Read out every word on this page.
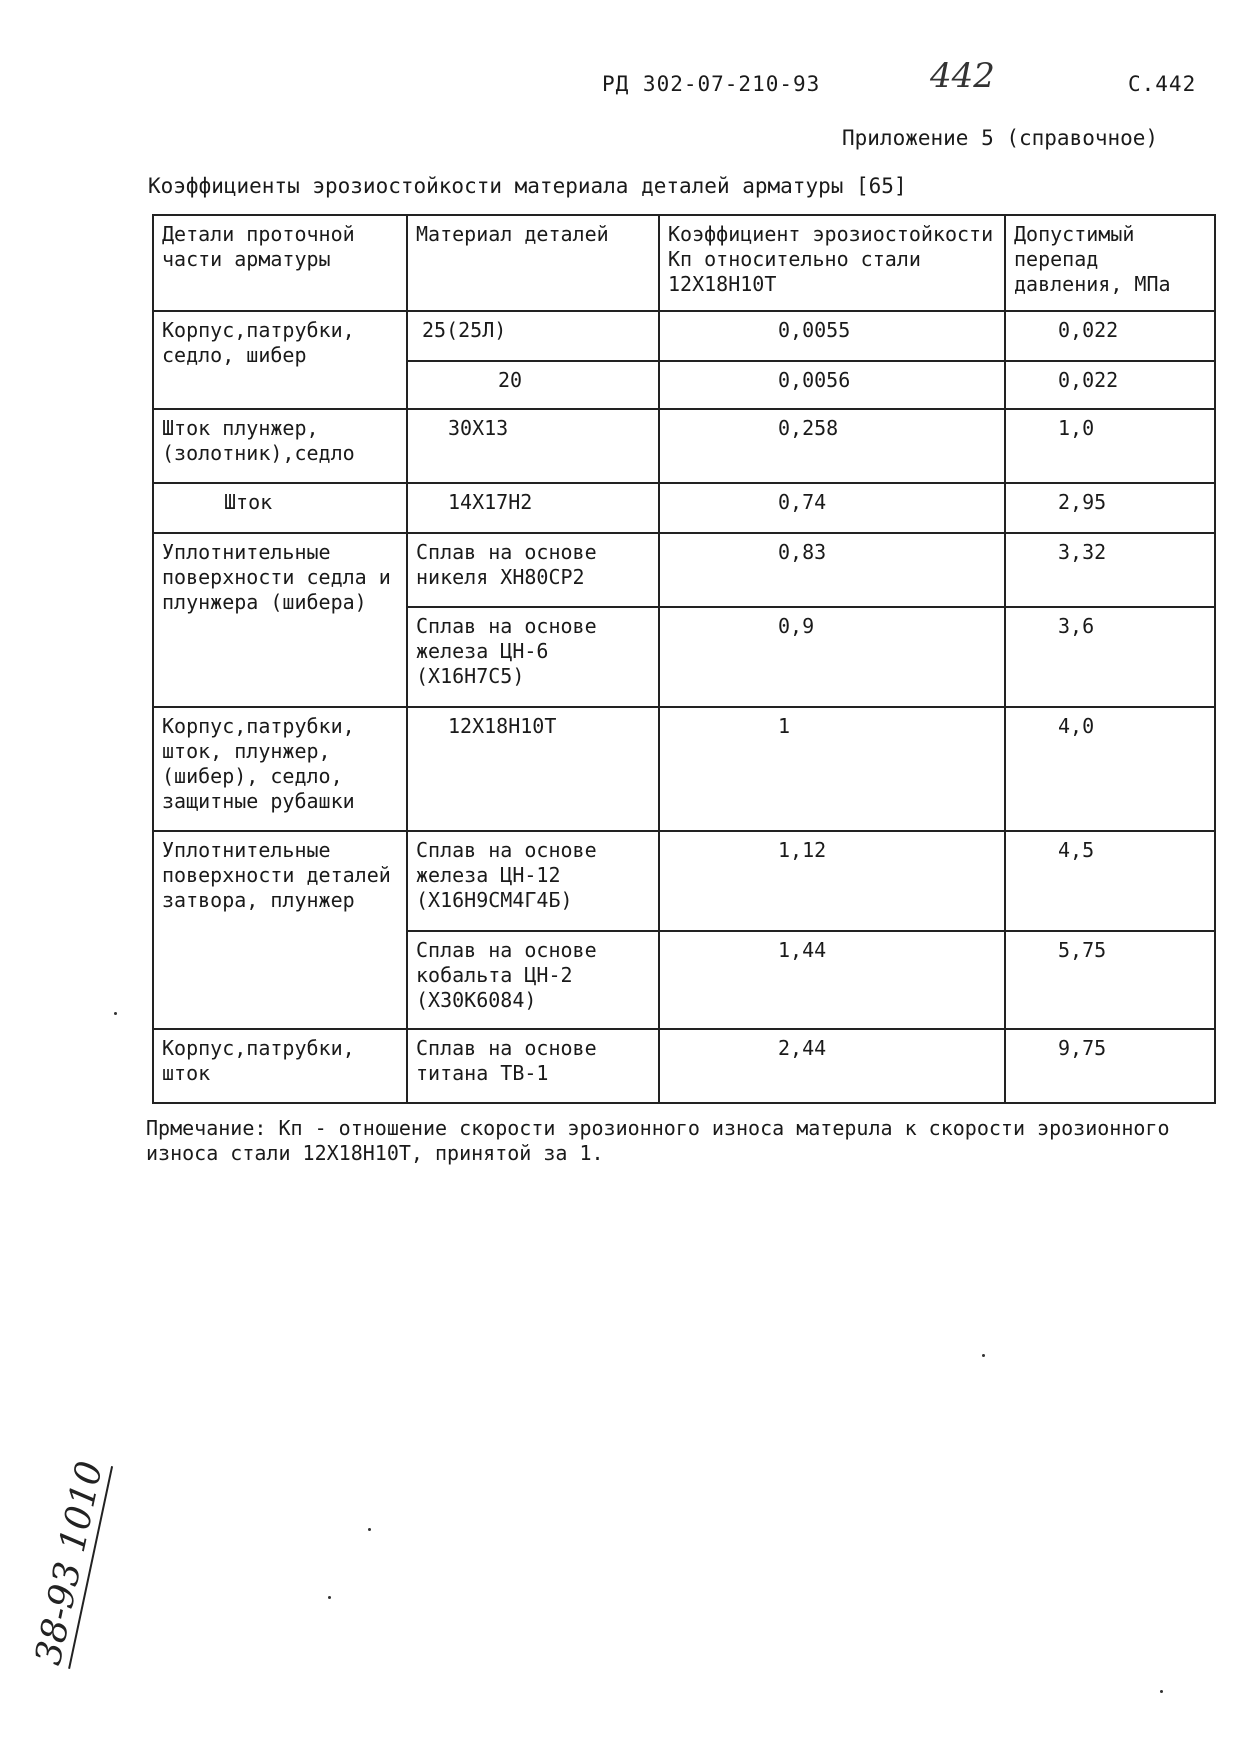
РД 302-07-210-93	442	С.442
Приложение 5 (справочное)
Коэффициенты эрозиостойкости материала деталей арматуры [65]
Детали проточной части арматуры	Материал деталей	Коэффициент эрозиостойкости Кп относительно стали 12Х18Н10Т	Допустимый перепад давления, МПа
Корпус,патрубки, седло, шибер	25(25Л)	0,0055	0,022
	20	0,0056	0,022
Шток плунжер, (золотник),седло	30Х13	0,258	1,0
Шток	14Х17Н2	0,74	2,95
Уплотнительные поверхности седла и плунжера (шибера)	Сплав на основе никеля ХН80СР2	0,83	3,32
	Сплав на основе железа ЦН-6 (Х16Н7С5)	0,9	3,6
Корпус,патрубки, шток, плунжер, (шибер), седло, защитные рубашки	12Х18Н10Т	1	4,0
Уплотнительные поверхности деталей затвора, плунжер	Сплав на основе железа ЦН-12 (Х16Н9СМ4Г4Б)	1,12	4,5
	Сплав на основе кобальта ЦН-2 (Х30К6084)	1,44	5,75
Корпус,патрубки, шток	Сплав на основе титана ТВ-1	2,44	9,75
Прмечание: Кп - отношение скорости эрозионного износа матерuла к скорости эрозионного износа стали 12Х18Н10Т, принятой за 1.
38-93 1010
